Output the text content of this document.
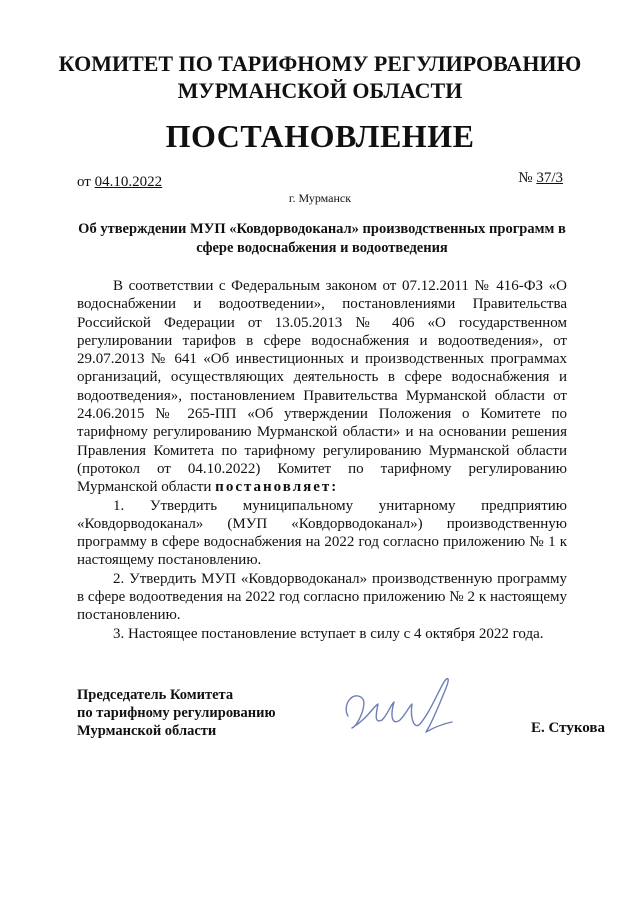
КОМИТЕТ ПО ТАРИФНОМУ РЕГУЛИРОВАНИЮ
МУРМАНСКОЙ ОБЛАСТИ
ПОСТАНОВЛЕНИЕ
от 04.10.2022	№ 37/3
г. Мурманск
Об утверждении МУП «Ковдорводоканал» производственных программ в сфере водоснабжения и водоотведения

В соответствии с Федеральным законом от 07.12.2011 № 416-ФЗ «О водоснабжении и водоотведении», постановлениями Правительства Российской Федерации от 13.05.2013 № 406 «О государственном регулировании тарифов в сфере водоснабжения и водоотведения», от 29.07.2013 № 641 «Об инвестиционных и производственных программах организаций, осуществляющих деятельность в сфере водоснабжения и водоотведения», постановлением Правительства Мурманской области от 24.06.2015 № 265-ПП «Об утверждении Положения о Комитете по тарифному регулированию Мурманской области» и на основании решения Правления Комитета по тарифному регулированию Мурманской области (протокол от 04.10.2022) Комитет по тарифному регулированию Мурманской области постановляет:

1. Утвердить муниципальному унитарному предприятию «Ковдорводоканал» (МУП «Ковдорводоканал») производственную программу в сфере водоснабжения на 2022 год согласно приложению № 1 к настоящему постановлению.

2. Утвердить МУП «Ковдорводоканал» производственную программу в сфере водоотведения на 2022 год согласно приложению № 2 к настоящему постановлению.

3. Настоящее постановление вступает в силу с 4 октября 2022 года.

Председатель Комитета
по тарифному регулированию
Мурманской области	Е. Стукова
